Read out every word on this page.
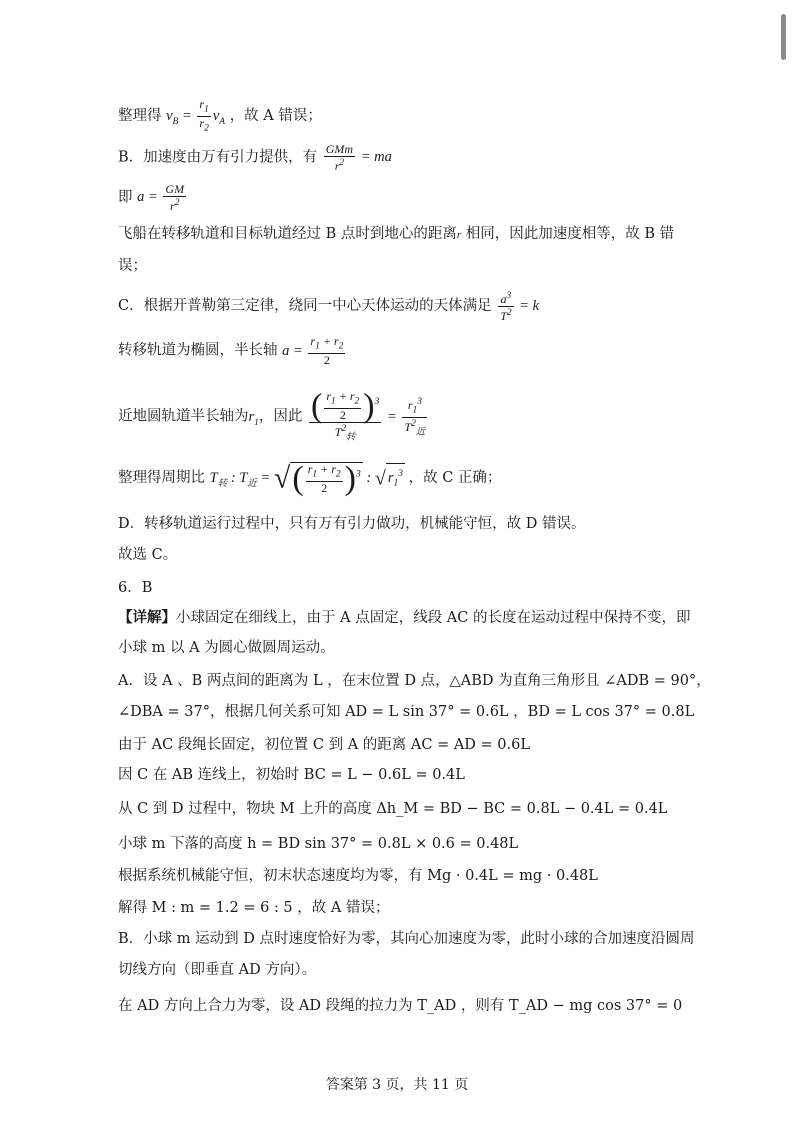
整理得 $v_B = \frac{r_1}{r_2} v_A$ ，故 A 错误；
B．加速度由万有引力提供，有 $\frac{\text{GMm}}{r^2}$ = ma
即 $a = \frac{GM}{r^2}$
飞船在转移轨道和目标轨道经过 B 点时到地心的距离r 相同，因此加速度相等，故 B 错
误；
C．根据开普勒第三定律，绕同一中心天体运动的天体满足 $\frac{a^3}{T^2} = k$
转移轨道为椭圆，半长轴 $a = \frac{r_1 + r_2}{2}$
近地圆轨道半长轴为$r_1$，因此 $\frac{( \frac{r_1 + r_2}{2} )^3}{T^2_转} = \frac{r_1^3}{T^2_近}$
整理得周期比 $T_转$ : $T_近$ = √( $\frac{r_1 + r_2}{2} )^3$ : √ $r_1^3$ ，故 C 正确；
D．转移轨道运行过程中，只有万有引力做功，机械能守恒，故 D 错误。
故选 C。
6．B
【详解】小球固定在细线上，由于 A 点固定，线段 AC 的长度在运动过程中保持不变，即
小球 m 以 A 为圆心做圆周运动。
A．设 A 、B 两点间的距离为 L ，在末位置 D 点，△ABD 为直角三角形且 ∠ADB = 90°，
∠DBA = 37°，根据几何关系可知 AD = L sin 37° = 0.6L ，BD = L cos 37° = 0.8L
由于 AC 段绳长固定，初位置 C 到 A 的距离 AC = AD = 0.6L
因 C 在 AB 连线上，初始时 BC = L − 0.6L = 0.4L
从 C 到 D 过程中，物块 M 上升的高度 Δh_M = BD − BC = 0.8L − 0.4L = 0.4L
小球 m 下落的高度 h = BD sin 37° = 0.8L × 0.6 = 0.48L
根据系统机械能守恒，初末状态速度均为零，有 Mg · 0.4L = mg · 0.48L
解得 M : m = 1.2 = 6 : 5 ，故 A 错误；
B．小球 m 运动到 D 点时速度恰好为零，其向心加速度为零，此时小球的合加速度沿圆周
切线方向（即垂直 AD 方向）。
在 AD 方向上合力为零，设 AD 段绳的拉力为 T_AD ，则有 T_AD − mg cos 37° = 0
答案第 3 页，共 11 页
